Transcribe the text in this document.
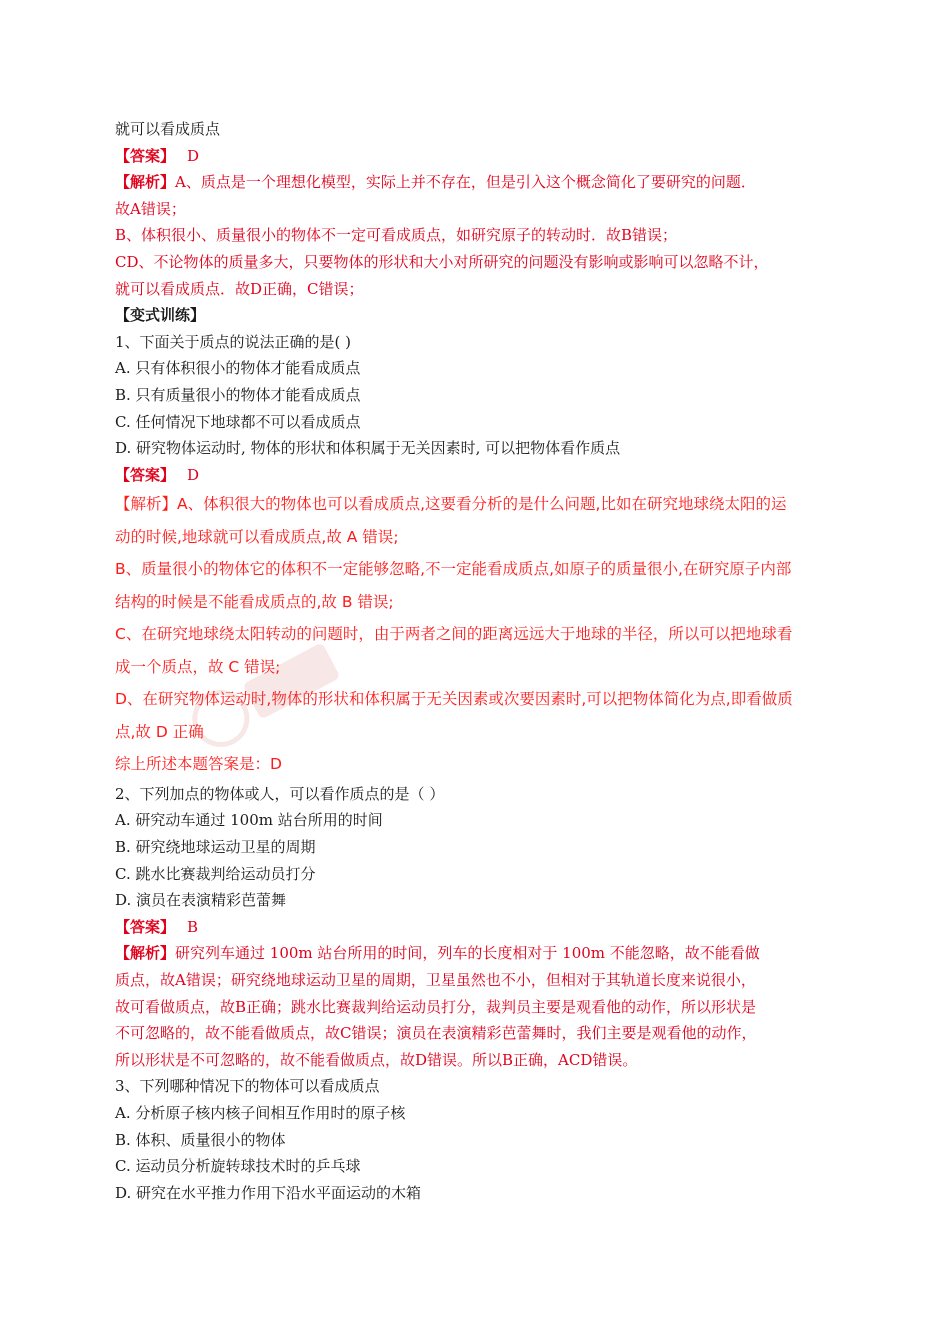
就可以看成质点
【答案】 D
【解析】A、质点是一个理想化模型，实际上并不存在，但是引入这个概念简化了要研究的问题．
故A错误；
B、体积很小、质量很小的物体不一定可看成质点，如研究原子的转动时．故B错误；
CD、不论物体的质量多大，只要物体的形状和大小对所研究的问题没有影响或影响可以忽略不计，
就可以看成质点．故D正确，C错误；
【变式训练】
1、下面关于质点的说法正确的是( )
A. 只有体积很小的物体才能看成质点
B. 只有质量很小的物体才能看成质点
C. 任何情况下地球都不可以看成质点
D. 研究物体运动时, 物体的形状和体积属于无关因素时, 可以把物体看作质点
【答案】 D
【解析】A、体积很大的物体也可以看成质点,这要看分析的是什么问题,比如在研究地球绕太阳的运
动的时候,地球就可以看成质点,故 A 错误;
B、质量很小的物体它的体积不一定能够忽略,不一定能看成质点,如原子的质量很小,在研究原子内部
结构的时候是不能看成质点的,故 B 错误;
C、在研究地球绕太阳转动的问题时，由于两者之间的距离远远大于地球的半径，所以可以把地球看
成一个质点，故 C 错误;
D、在研究物体运动时,物体的形状和体积属于无关因素或次要因素时,可以把物体简化为点,即看做质
点,故 D 正确
综上所述本题答案是：D
2、下列加点的物体或人，可以看作质点的是（ ）
A. 研究动车通过 100m 站台所用的时间
B. 研究绕地球运动卫星的周期
C. 跳水比赛裁判给运动员打分
D. 演员在表演精彩芭蕾舞
【答案】 B
【解析】研究列车通过 100m 站台所用的时间，列车的长度相对于 100m 不能忽略，故不能看做
质点，故A错误；研究绕地球运动卫星的周期，卫星虽然也不小，但相对于其轨道长度来说很小，
故可看做质点，故B正确；跳水比赛裁判给运动员打分，裁判员主要是观看他的动作，所以形状是
不可忽略的，故不能看做质点，故C错误；演员在表演精彩芭蕾舞时，我们主要是观看他的动作，
所以形状是不可忽略的，故不能看做质点，故D错误。所以B正确，ACD错误。
3、下列哪种情况下的物体可以看成质点
A. 分析原子核内核子间相互作用时的原子核
B. 体积、质量很小的物体
C. 运动员分析旋转球技术时的乒乓球
D. 研究在水平推力作用下沿水平面运动的木箱
